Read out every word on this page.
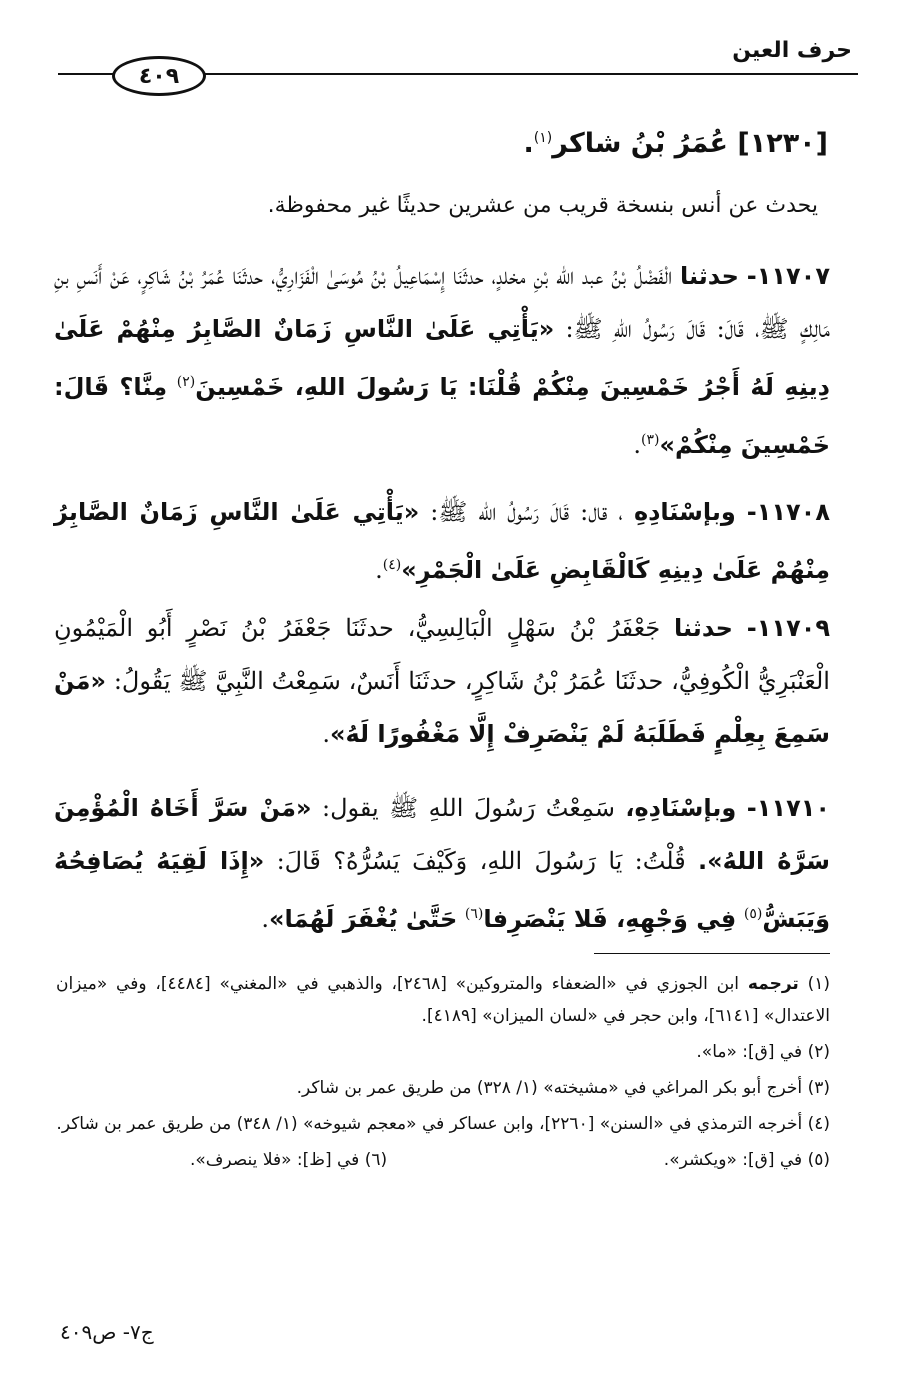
حرف العين
٤٠٩
[١٢٣٠] عُمَرُ بْنُ شاكر$^{(١)}$.
يحدث عن أنس بنسخة قريب من عشرين حديثًا غير محفوظة.
١١٧٠٧- حدثنا الْفَضْلُ بْنُ عبد الله بْنِ مخلدٍ، حدثَنَا إِسْمَاعِيلُ بْنُ مُوسَىٰ الْفَزَارِيُّ، حدثَنَا عُمَرُ بْنُ شَاكِرٍ، عَنْ أَنَسِ بنِ مَالِكٍ ﷺ، قَالَ: قَالَ رَسُولُ اللهِ ﷺ: «يَأْتِي عَلَىٰ النَّاسِ زَمَانٌ الصَّابِرُ مِنْهُمْ عَلَىٰ دِينِهِ لَهُ أَجْرُ خَمْسِينَ مِنْكُمْ قُلْنَا: يَا رَسُولَ اللهِ، خَمْسِينَ$^{(٢)}$ مِنَّا؟ قَالَ: خَمْسِينَ مِنْكُمْ»$^{(٣)}$.
١١٧٠٨- وبإسْنَادِهِ ، قال: قَالَ رَسُولُ الله ﷺ: «يَأْتِي عَلَىٰ النَّاسِ زَمَانٌ الصَّابِرُ مِنْهُمْ عَلَىٰ دِينِهِ كَالْقَابِضِ عَلَىٰ الْجَمْرِ»$^{(٤)}$.
١١٧٠٩- حدثنا جَعْفَرُ بْنُ سَهْلٍ الْبَالِسِيُّ، حدثَنَا جَعْفَرُ بْنُ نَصْرٍ أَبُو الْمَيْمُونِ الْعَنْبَرِيُّ الْكُوفِيُّ، حدثَنَا عُمَرُ بْنُ شَاكِرٍ، حدثَنَا أَنَسٌ، سَمِعْتُ النَّبِيَّ ﷺ يَقُولُ: «مَنْ سَمِعَ بِعِلْمٍ فَطَلَبَهُ لَمْ يَنْصَرِفْ إِلَّا مَغْفُورًا لَهُ».
١١٧١٠- وبإسْنَادِهِ، سَمِعْتُ رَسُولَ اللهِ ﷺ يقول: «مَنْ سَرَّ أَخَاهُ الْمُؤْمِنَ سَرَّهُ اللهُ». قُلْتُ: يَا رَسُولَ اللهِ، وَكَيْفَ يَسُرُّهُ؟ قَالَ: «إِذَا لَقِيَهُ يُصَافِحُهُ وَيَبَشُّ$^{(٥)}$ فِي وَجْهِهِ، فَلا يَنْصَرِفا$^{(٦)}$ حَتَّىٰ يُغْفَرَ لَهُمَا».
(١) ترجمه ابن الجوزي في «الضعفاء والمتروكين» [٢٤٦٨]، والذهبي في «المغني» [٤٤٨٤]، وفي «ميزان الاعتدال» [٦١٤١]، وابن حجر في «لسان الميزان» [٤١٨٩].
(٢) في [ق]: «ما».
(٣) أخرج أبو بكر المراغي في «مشيخته» (١/ ٣٢٨) من طريق عمر بن شاكر.
(٤) أخرجه الترمذي في «السنن» [٢٢٦٠]، وابن عساكر في «معجم شيوخه» (١/ ٣٤٨) من طريق عمر بن شاكر.
(٥) في [ق]: «ويكشر».
(٦) في [ظ]: «فلا ينصرف».
ج٧- ص٤٠٩
